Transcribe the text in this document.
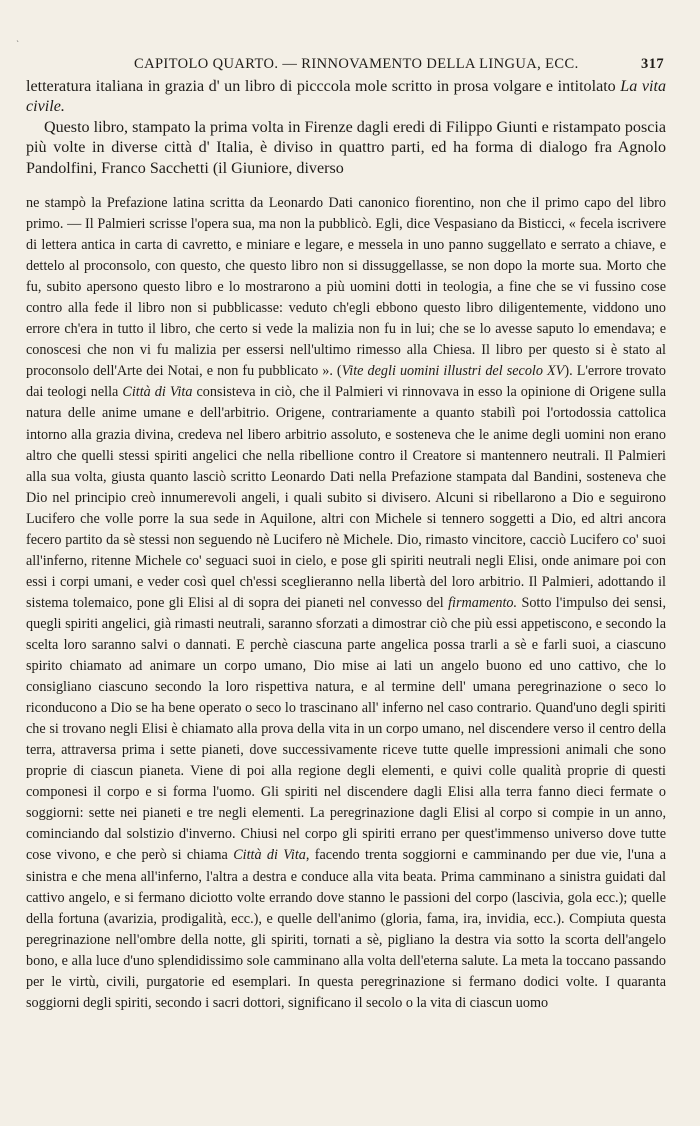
`
CAPITOLO QUARTO. — RINNOVAMENTO DELLA LINGUA, ECC.	317

letteratura italiana in grazia d' un libro di picccola mole scritto in prosa volgare e intitolato La vita civile.

Questo libro, stampato la prima volta in Firenze dagli eredi di Filippo Giunti e ristampato poscia più volte in diverse città d' Italia, è diviso in quattro parti, ed ha forma di dialogo fra Agnolo Pandolfini, Franco Sacchetti (il Giuniore, diverso

ne stampò la Prefazione latina scritta da Leonardo Dati canonico fiorentino, non che il primo capo del libro primo. — Il Palmieri scrisse l'opera sua, ma non la pubblicò. Egli, dice Vespasiano da Bisticci, « fecela iscrivere di lettera antica in carta di cavretto, e miniare e legare, e messela in uno panno suggellato e serrato a chiave, e dettelo al proconsolo, con questo, che questo libro non si dissuggellasse, se non dopo la morte sua. Morto che fu, subito apersono questo libro e lo mostrarono a più uomini dotti in teologia, a fine che se vi fussino cose contro alla fede il libro non si pubblicasse: veduto ch'egli ebbono questo libro diligentemente, viddono uno errore ch'era in tutto il libro, che certo si vede la malizia non fu in lui; che se lo avesse saputo lo emendava; e conoscesi che non vi fu malizia per essersi nell'ultimo rimesso alla Chiesa. Il libro per questo si è stato al proconsolo dell'Arte dei Notai, e non fu pubblicato ». (Vite degli uomini illustri del secolo XV). L'errore trovato dai teologi nella Città di Vita consisteva in ciò, che il Palmieri vi rinnovava in esso la opinione di Origene sulla natura delle anime umane e dell'arbitrio. Origene, contrariamente a quanto stabilì poi l'ortodossia cattolica intorno alla grazia divina, credeva nel libero arbitrio assoluto, e sosteneva che le anime degli uomini non erano altro che quelli stessi spiriti angelici che nella ribellione contro il Creatore si mantennero neutrali. Il Palmieri alla sua volta, giusta quanto lasciò scritto Leonardo Dati nella Prefazione stampata dal Bandini, sosteneva che Dio nel principio creò innumerevoli angeli, i quali subito si divisero. Alcuni si ribellarono a Dio e seguirono Lucifero che volle porre la sua sede in Aquilone, altri con Michele si tennero soggetti a Dio, ed altri ancora fecero partito da sè stessi non seguendo nè Lucifero nè Michele. Dio, rimasto vincitore, cacciò Lucifero co' suoi all'inferno, ritenne Michele co' seguaci suoi in cielo, e pose gli spiriti neutrali negli Elisi, onde animare poi con essi i corpi umani, e veder così quel ch'essi sceglieranno nella libertà del loro arbitrio. Il Palmieri, adottando il sistema tolemaico, pone gli Elisi al di sopra dei pianeti nel convesso del firmamento. Sotto l'impulso dei sensi, quegli spiriti angelici, già rimasti neutrali, saranno sforzati a dimostrar ciò che più essi appetiscono, e secondo la scelta loro saranno salvi o dannati. E perchè ciascuna parte angelica possa trarli a sè e farli suoi, a ciascuno spirito chiamato ad animare un corpo umano, Dio mise ai lati un angelo buono ed uno cattivo, che lo consigliano ciascuno secondo la loro rispettiva natura, e al termine dell' umana peregrinazione o seco lo riconducono a Dio se ha bene operato o seco lo trascinano all' inferno nel caso contrario. Quand'uno degli spiriti che si trovano negli Elisi è chiamato alla prova della vita in un corpo umano, nel discendere verso il centro della terra, attraversa prima i sette pianeti, dove successivamente riceve tutte quelle impressioni animali che sono proprie di ciascun pianeta. Viene di poi alla regione degli elementi, e quivi colle qualità proprie di questi componesi il corpo e si forma l'uomo. Gli spiriti nel discendere dagli Elisi alla terra fanno dieci fermate o soggiorni: sette nei pianeti e tre negli elementi. La peregrinazione dagli Elisi al corpo si compie in un anno, cominciando dal solstizio d'inverno. Chiusi nel corpo gli spiriti errano per quest'immenso universo dove tutte cose vivono, e che però si chiama Città di Vita, facendo trenta soggiorni e camminando per due vie, l'una a sinistra e che mena all'inferno, l'altra a destra e conduce alla vita beata. Prima camminano a sinistra guidati dal cattivo angelo, e si fermano diciotto volte errando dove stanno le passioni del corpo (lascivia, gola ecc.); quelle della fortuna (avarizia, prodigalità, ecc.), e quelle dell'animo (gloria, fama, ira, invidia, ecc.). Compiuta questa peregrinazione nell'ombre della notte, gli spiriti, tornati a sè, pigliano la destra via sotto la scorta dell'angelo bono, e alla luce d'uno splendidissimo sole camminano alla volta dell'eterna salute. La meta la toccano passando per le virtù, civili, purgatorie ed esemplari. In questa peregrinazione si fermano dodici volte. I quaranta soggiorni degli spiriti, secondo i sacri dottori, significano il secolo o la vita di ciascun uomo
